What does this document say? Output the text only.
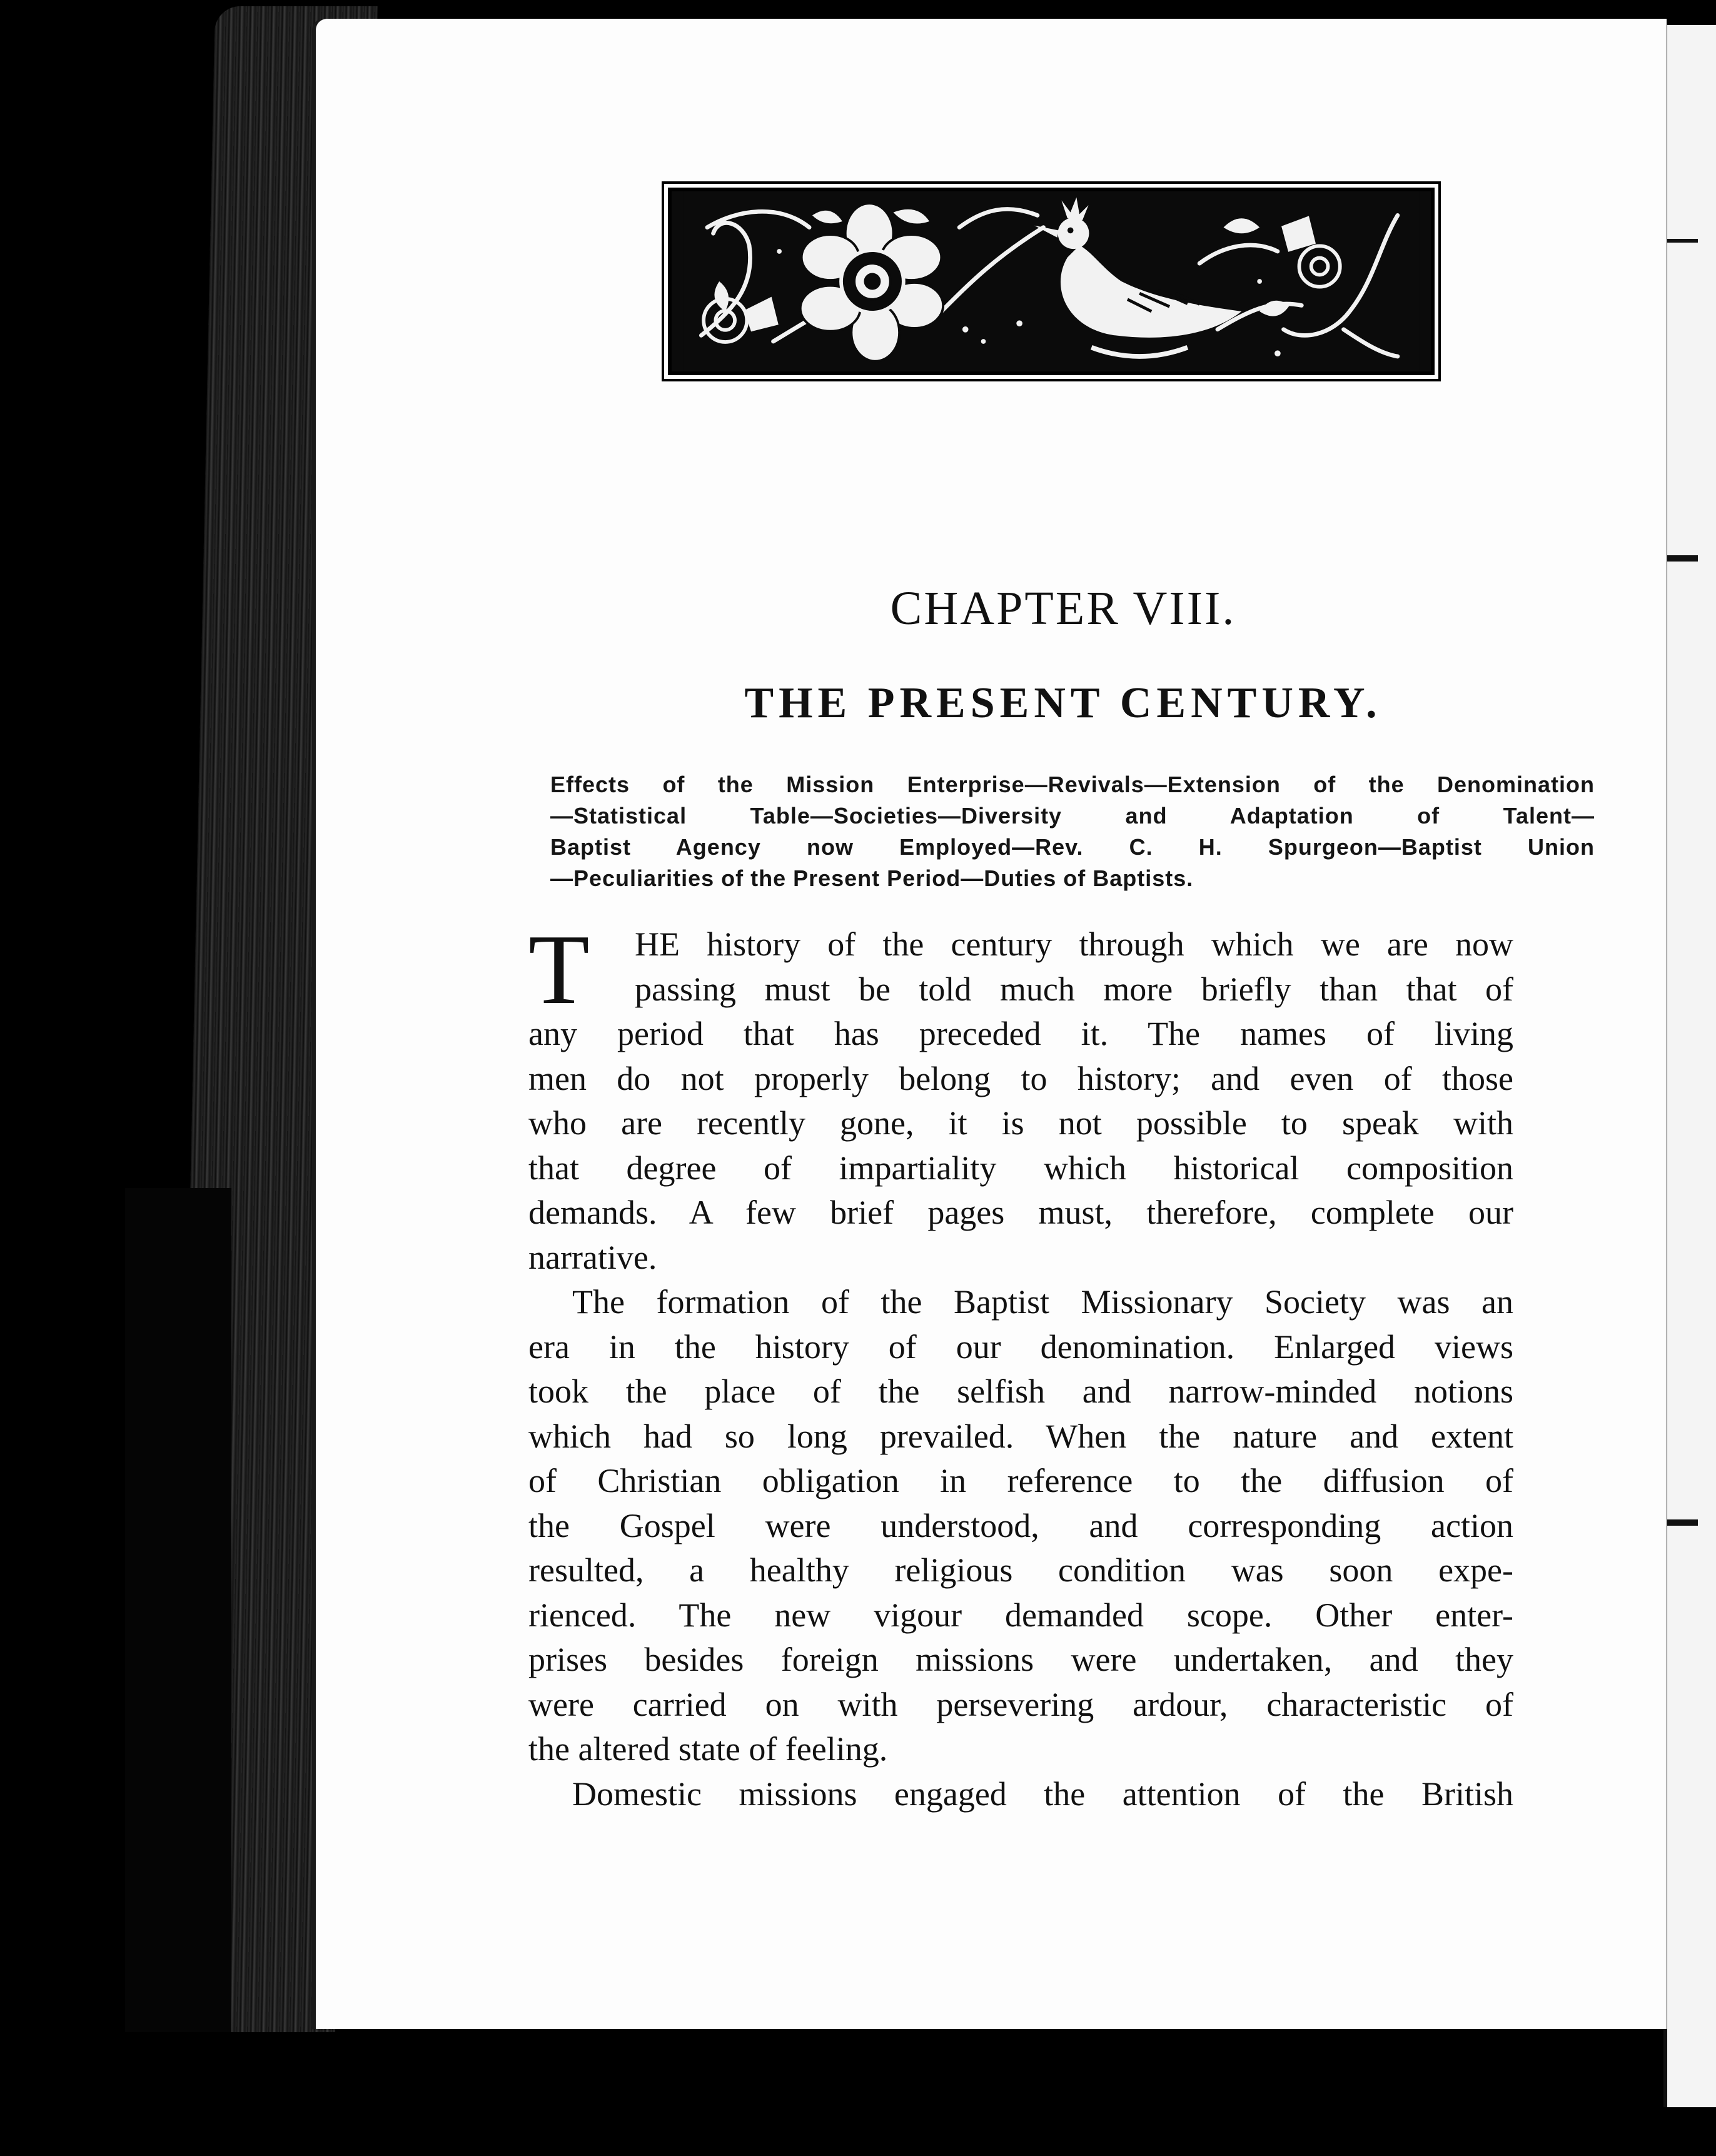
CHAPTER VIII.
THE PRESENT CENTURY.
Effects of the Mission Enterprise—Revivals—Extension of the Denomination
—Statistical Table—Societies—Diversity and Adaptation of Talent—
Baptist Agency now Employed—Rev. C. H. Spurgeon—Baptist Union
—Peculiarities of the Present Period—Duties of Baptists.
T	HE history of the century through which we are now
passing must be told much more briefly than that of
any period that has preceded it. The names of living
men do not properly belong to history; and even of those
who are recently gone, it is not possible to speak with
that degree of impartiality which historical composition
demands. A few brief pages must, therefore, complete our
narrative.
The formation of the Baptist Missionary Society was an
era in the history of our denomination. Enlarged views
took the place of the selfish and narrow-minded notions
which had so long prevailed. When the nature and extent
of Christian obligation in reference to the diffusion of
the Gospel were understood, and corresponding action
resulted, a healthy religious condition was soon expe-
rienced. The new vigour demanded scope. Other enter-
prises besides foreign missions were undertaken, and they
were carried on with persevering ardour, characteristic of
the altered state of feeling.
Domestic missions engaged the attention of the British
